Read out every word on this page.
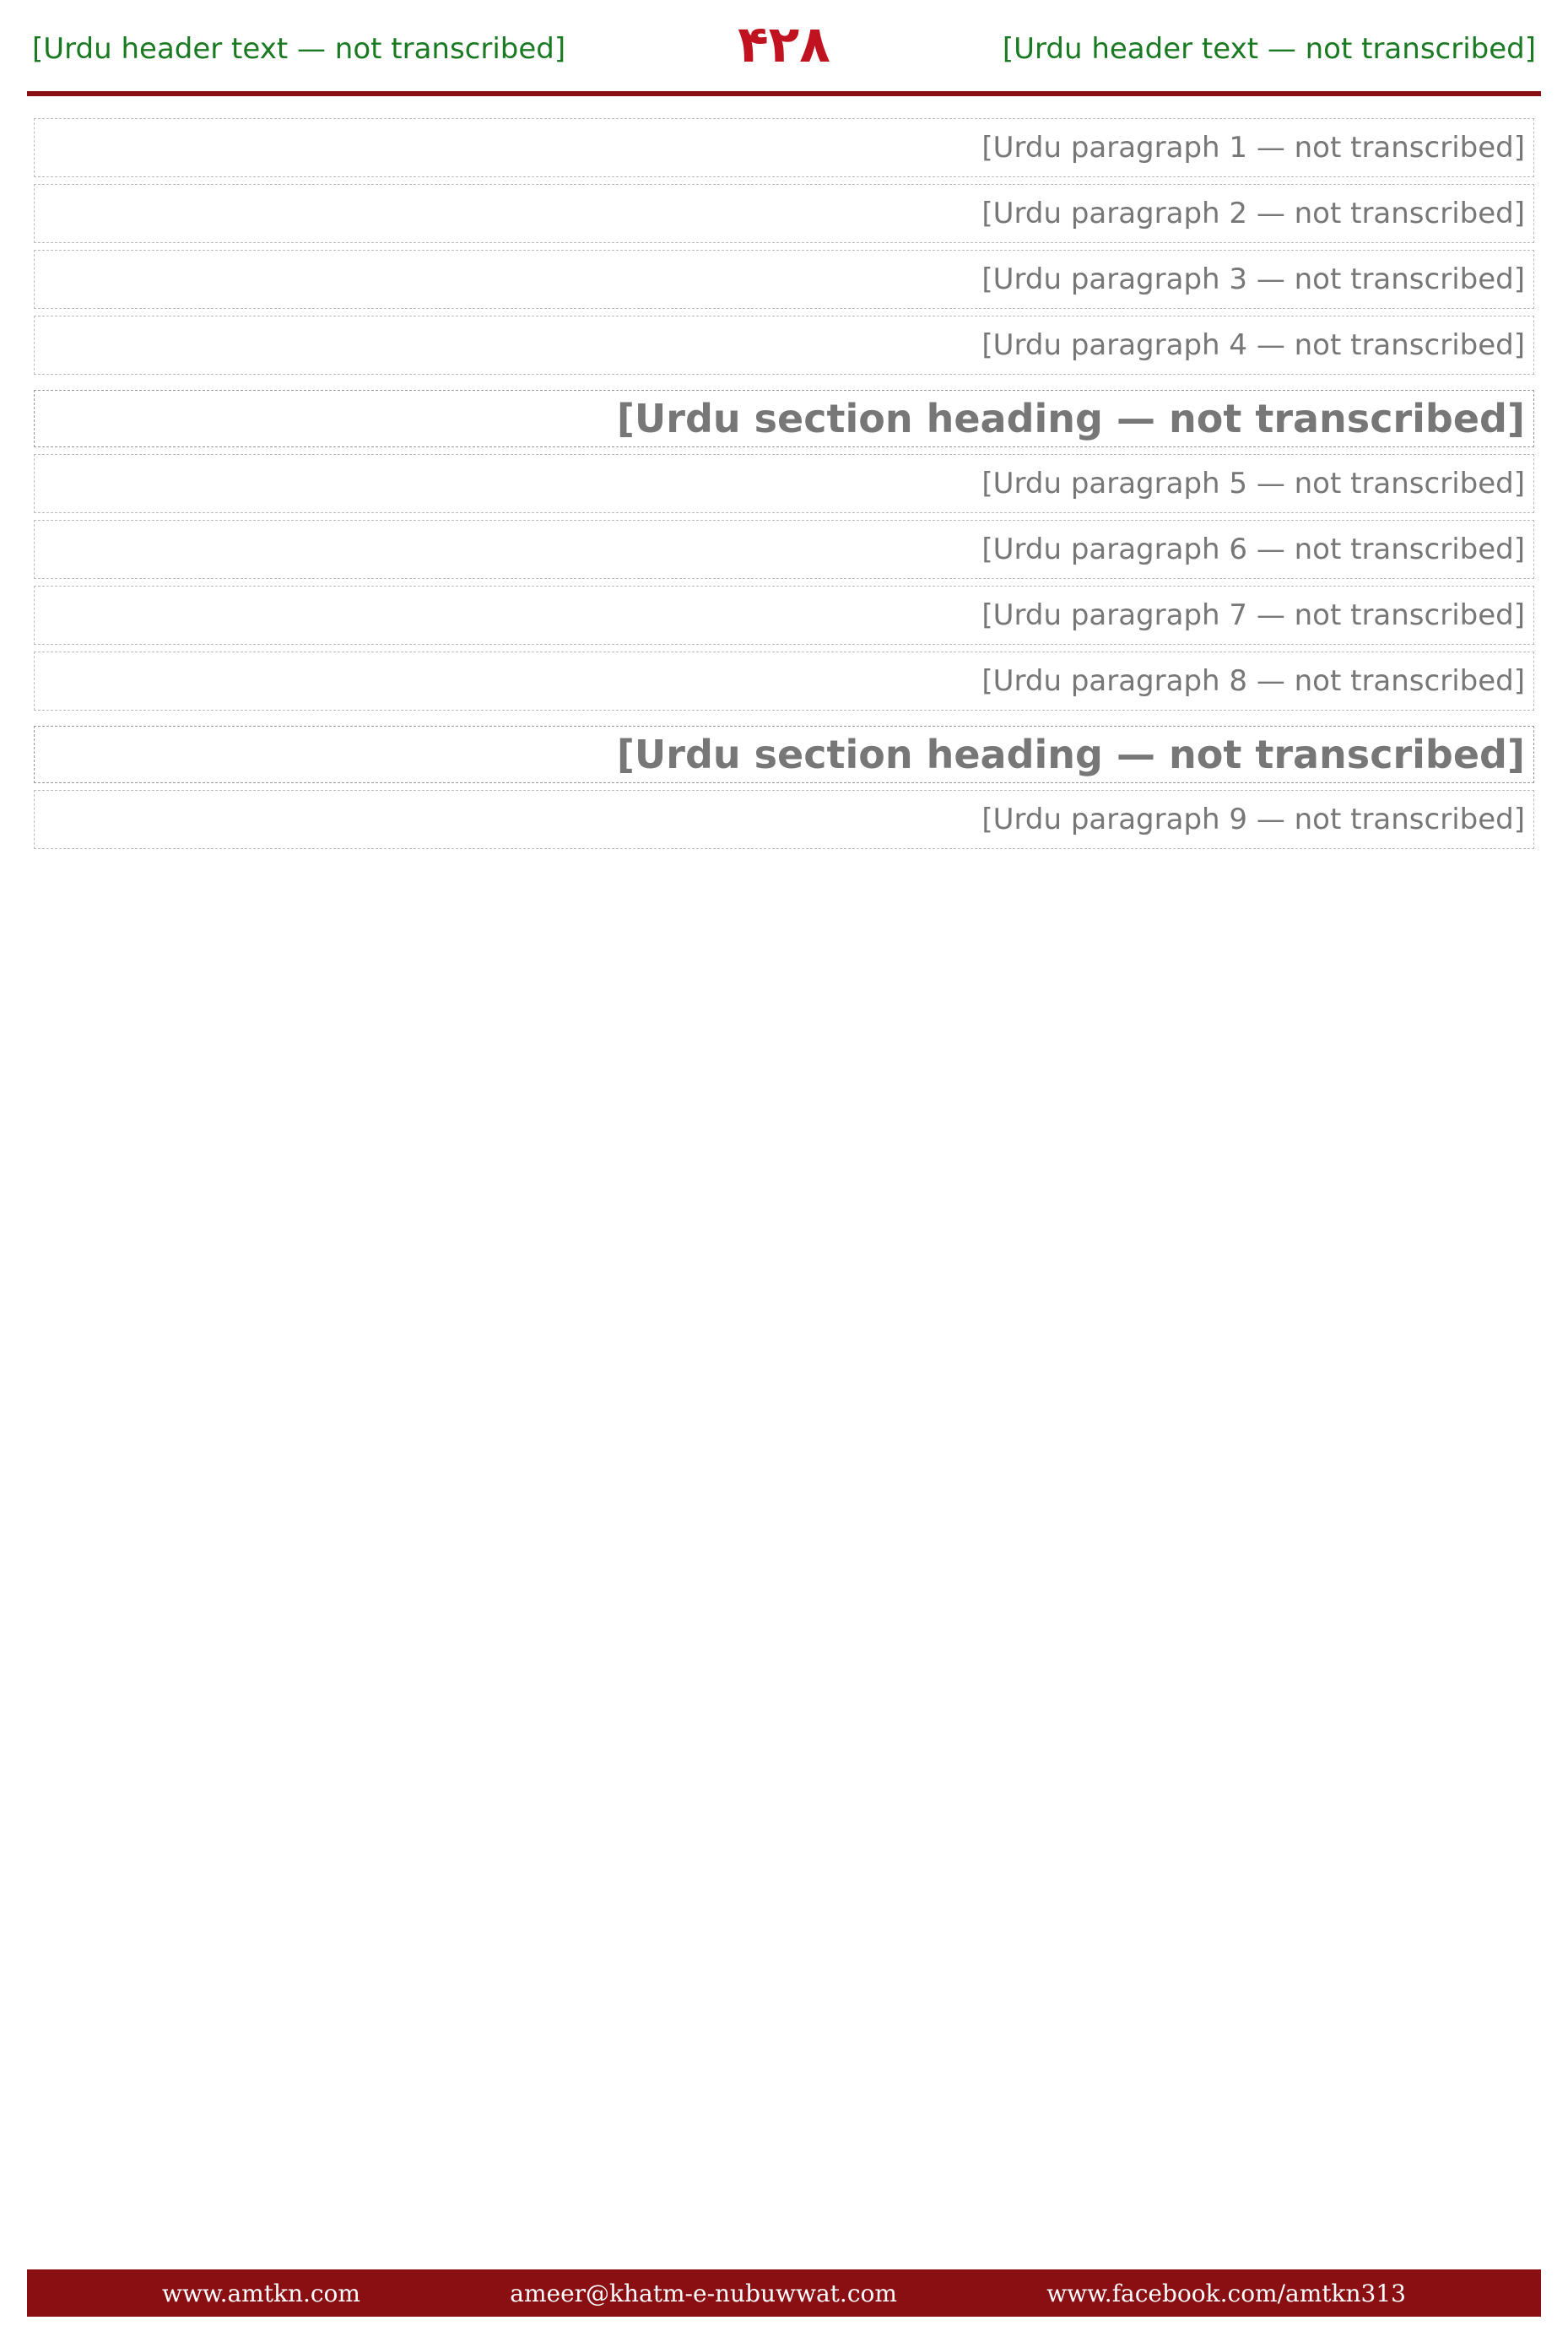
[Urdu header text — not transcribed]	۴۲۸	[Urdu header text — not transcribed]

[Urdu paragraph 1 — not transcribed]

[Urdu paragraph 2 — not transcribed]

[Urdu paragraph 3 — not transcribed]

[Urdu paragraph 4 — not transcribed]

[Urdu section heading — not transcribed]

[Urdu paragraph 5 — not transcribed]

[Urdu paragraph 6 — not transcribed]

[Urdu paragraph 7 — not transcribed]

[Urdu paragraph 8 — not transcribed]

[Urdu section heading — not transcribed]

[Urdu paragraph 9 — not transcribed]

www.amtkn.com	ameer@khatm-e-nubuwwat.com	www.facebook.com/amtkn313
